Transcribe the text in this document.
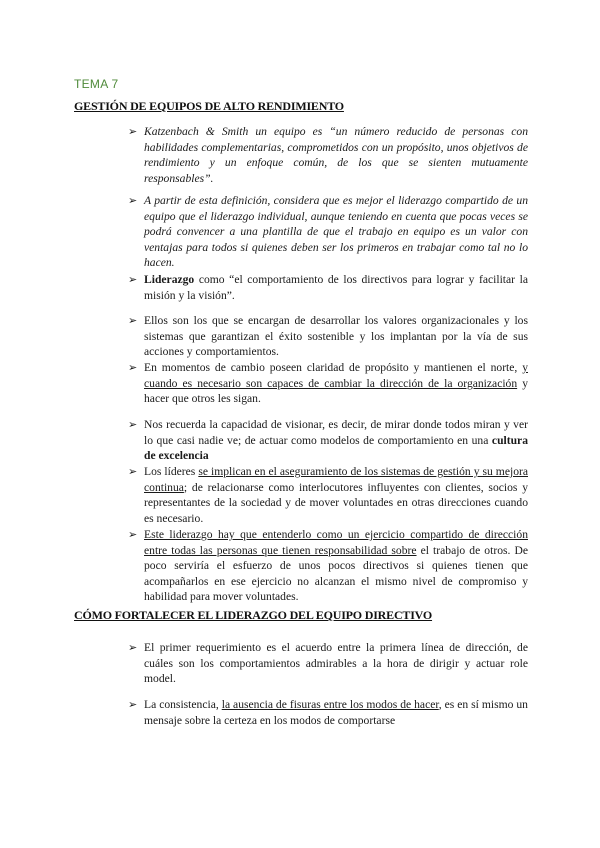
TEMA 7
GESTIÓN DE EQUIPOS DE ALTO RENDIMIENTO
➢ Katzenbach & Smith un equipo es “un número reducido de personas con habilidades complementarias, comprometidos con un propósito, unos objetivos de rendimiento y un enfoque común, de los que se sienten mutuamente responsables”.
➢ A partir de esta definición, considera que es mejor el liderazgo compartido de un equipo que el liderazgo individual, aunque teniendo en cuenta que pocas veces se podrá convencer a una plantilla de que el trabajo en equipo es un valor con ventajas para todos si quienes deben ser los primeros en trabajar como tal no lo hacen.
➢ Liderazgo como “el comportamiento de los directivos para lograr y facilitar la misión y la visión”.
➢ Ellos son los que se encargan de desarrollar los valores organizacionales y los sistemas que garantizan el éxito sostenible y los implantan por la vía de sus acciones y comportamientos.
➢ En momentos de cambio poseen claridad de propósito y mantienen el norte, y cuando es necesario son capaces de cambiar la dirección de la organización y hacer que otros les sigan.
➢ Nos recuerda la capacidad de visionar, es decir, de mirar donde todos miran y ver lo que casi nadie ve; de actuar como modelos de comportamiento en una cultura de excelencia
➢ Los líderes se implican en el aseguramiento de los sistemas de gestión y su mejora continua; de relacionarse como interlocutores influyentes con clientes, socios y representantes de la sociedad y de mover voluntades en otras direcciones cuando es necesario.
➢ Este liderazgo hay que entenderlo como un ejercicio compartido de dirección entre todas las personas que tienen responsabilidad sobre el trabajo de otros. De poco serviría el esfuerzo de unos pocos directivos si quienes tienen que acompañarlos en ese ejercicio no alcanzan el mismo nivel de compromiso y habilidad para mover voluntades.
CÓMO FORTALECER EL LIDERAZGO DEL EQUIPO DIRECTIVO
➢ El primer requerimiento es el acuerdo entre la primera línea de dirección, de cuáles son los comportamientos admirables a la hora de dirigir y actuar role model.
➢ La consistencia, la ausencia de fisuras entre los modos de hacer, es en sí mismo un mensaje sobre la certeza en los modos de comportarse
